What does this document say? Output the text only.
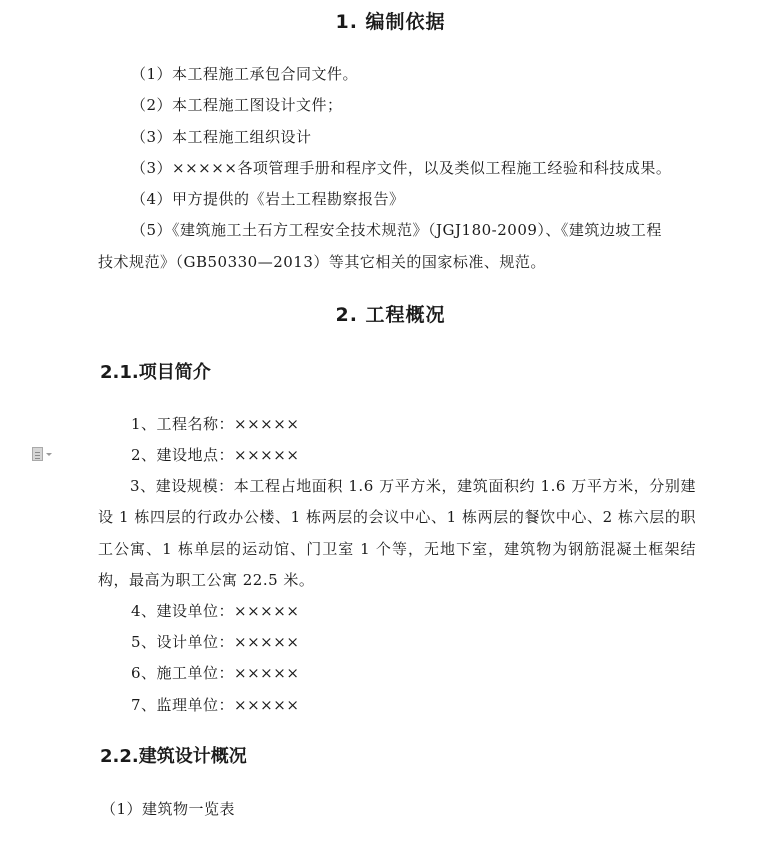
1. 编制依据
（1）本工程施工承包合同文件。
（2）本工程施工图设计文件；
（3）本工程施工组织设计
（3）×××××各项管理手册和程序文件，以及类似工程施工经验和科技成果。
（4）甲方提供的《岩土工程勘察报告》
（5）《建筑施工土石方工程安全技术规范》（JGJ180-2009）、《建筑边坡工程
技术规范》（GB50330—2013）等其它相关的国家标准、规范。
2. 工程概况
2.1.项目简介
1、工程名称：×××××
2、建设地点：×××××
3、建设规模：本工程占地面积 1.6 万平方米，建筑面积约 1.6 万平方米，分别建设 1 栋四层的行政办公楼、1 栋两层的会议中心、1 栋两层的餐饮中心、2 栋六层的职工公寓、1 栋单层的运动馆、门卫室 1 个等，无地下室，建筑物为钢筋混凝土框架结构，最高为职工公寓 22.5 米。
4、建设单位：×××××
5、设计单位：×××××
6、施工单位：×××××
7、监理单位：×××××
2.2.建筑设计概况
（1）建筑物一览表
